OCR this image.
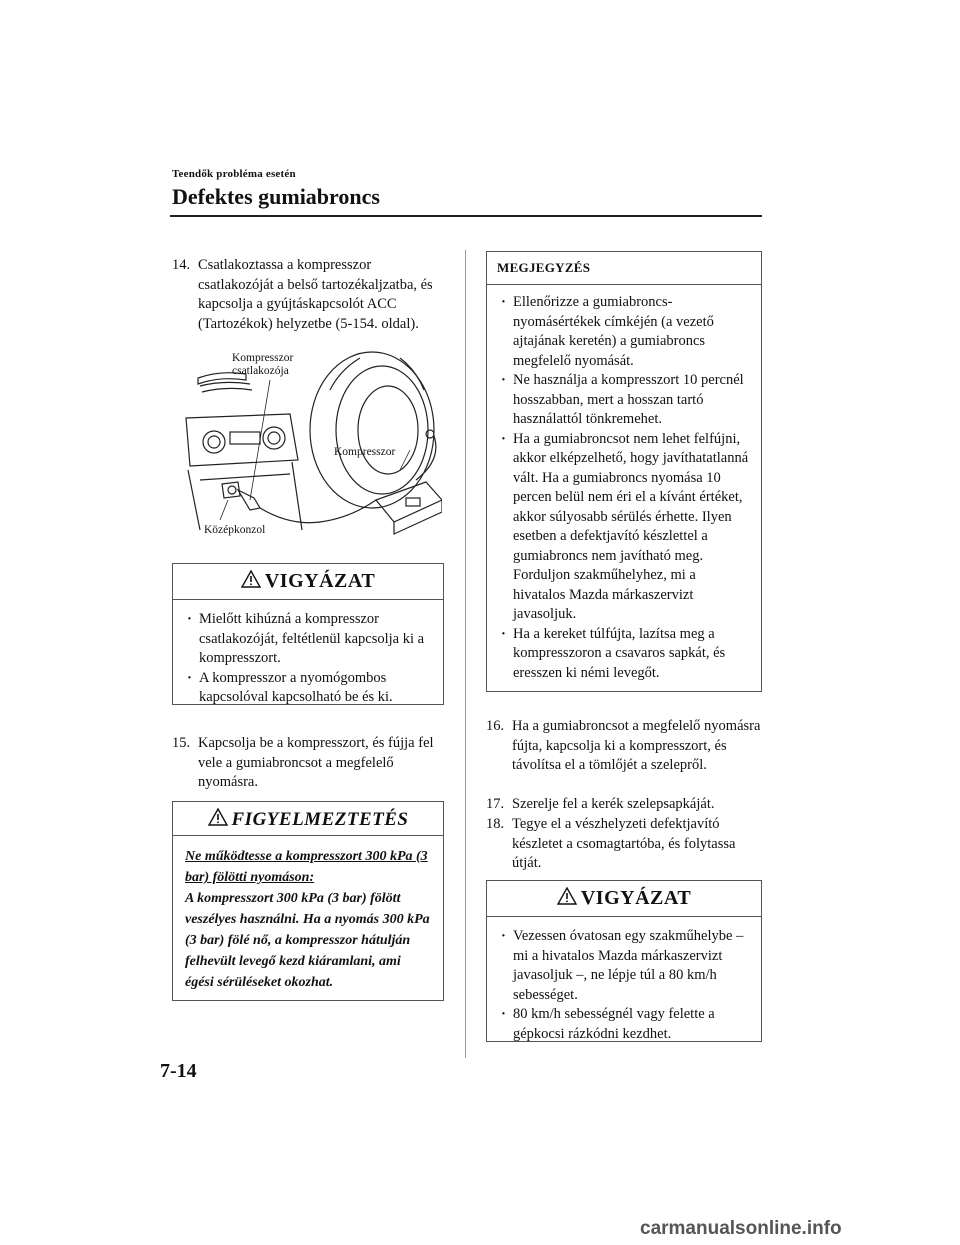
Teendők probléma esetén
Defektes gumiabroncs
14. Csatlakoztassa a kompresszor csatlakozóját a belső tartozékaljzatba, és kapcsolja a gyújtáskapcsolót ACC (Tartozékok) helyzetbe (5-154. oldal).
Kompresszor
csatlakozója
Kompresszor
Középkonzol
VIGYÁZAT
· Mielőtt kihúzná a kompresszor csatlakozóját, feltétlenül kapcsolja ki a kompresszort.
· A kompresszor a nyomógombos kapcsolóval kapcsolható be és ki.
15. Kapcsolja be a kompresszort, és fújja fel vele a gumiabroncsot a megfelelő nyomásra.
FIGYELMEZTETÉS
Ne működtesse a kompresszort 300 kPa (3 bar) fölötti nyomáson:
A kompresszort 300 kPa (3 bar) fölött veszélyes használni. Ha a nyomás 300 kPa (3 bar) fölé nő, a kompresszor hátulján felhevült levegő kezd kiáramlani, ami égési sérüléseket okozhat.
MEGJEGYZÉS
· Ellenőrizze a gumiabroncs-nyomásértékek címkéjén (a vezető ajtajának keretén) a gumiabroncs megfelelő nyomását.
· Ne használja a kompresszort 10 percnél hosszabban, mert a hosszan tartó használattól tönkremehet.
· Ha a gumiabroncsot nem lehet felfújni, akkor elképzelhető, hogy javíthatatlanná vált. Ha a gumiabroncs nyomása 10 percen belül nem éri el a kívánt értéket, akkor súlyosabb sérülés érhette. Ilyen esetben a defektjavító készlettel a gumiabroncs nem javítható meg. Forduljon szakműhelyhez, mi a hivatalos Mazda márkaszervizt javasoljuk.
· Ha a kereket túlfújta, lazítsa meg a kompresszoron a csavaros sapkát, és eresszen ki némi levegőt.
16. Ha a gumiabroncsot a megfelelő nyomásra fújta, kapcsolja ki a kompresszort, és távolítsa el a tömlőjét a szelepről.
17. Szerelje fel a kerék szelepsapkáját.
18. Tegye el a vészhelyzeti defektjavító készletet a csomagtartóba, és folytassa útját.
VIGYÁZAT
· Vezessen óvatosan egy szakműhelybe – mi a hivatalos Mazda márkaszervizt javasoljuk –, ne lépje túl a 80 km/h sebességet.
· 80 km/h sebességnél vagy felette a gépkocsi rázkódni kezdhet.
7-14
carmanualsonline.info
